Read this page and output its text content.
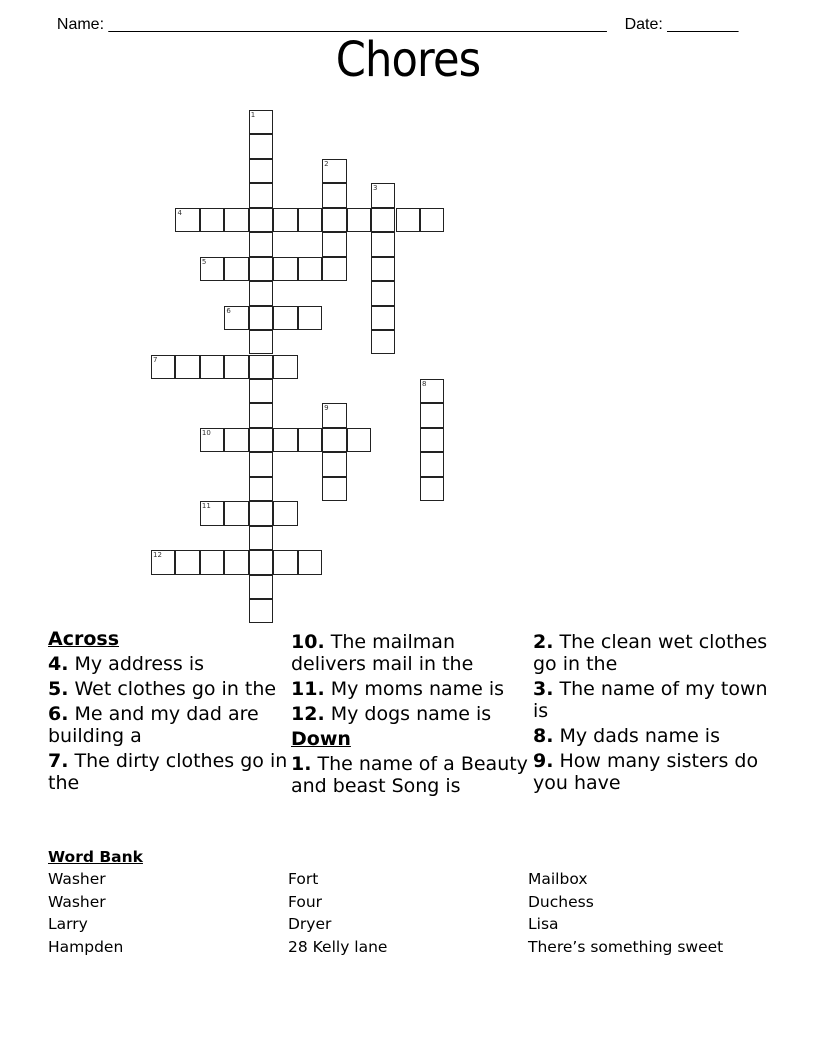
Name: ________________________________________________________ Date: ________

Chores
1
2
3
4
5
6
7
8
9
10
11
12
Across
4. My address is
5. Wet clothes go in the
6. Me and my dad are building a
7. The dirty clothes go in the
10. The mailman delivers mail in the
11. My moms name is
12. My dogs name is
Down
1. The name of a Beauty and beast Song is
2. The clean wet clothes go in the
3. The name of my town is
8. My dads name is
9. How many sisters do you have
Word Bank
Washer
Washer
Larry
Hampden
Fort
Four
Dryer
28 Kelly lane
Mailbox
Duchess
Lisa
There’s something sweet
